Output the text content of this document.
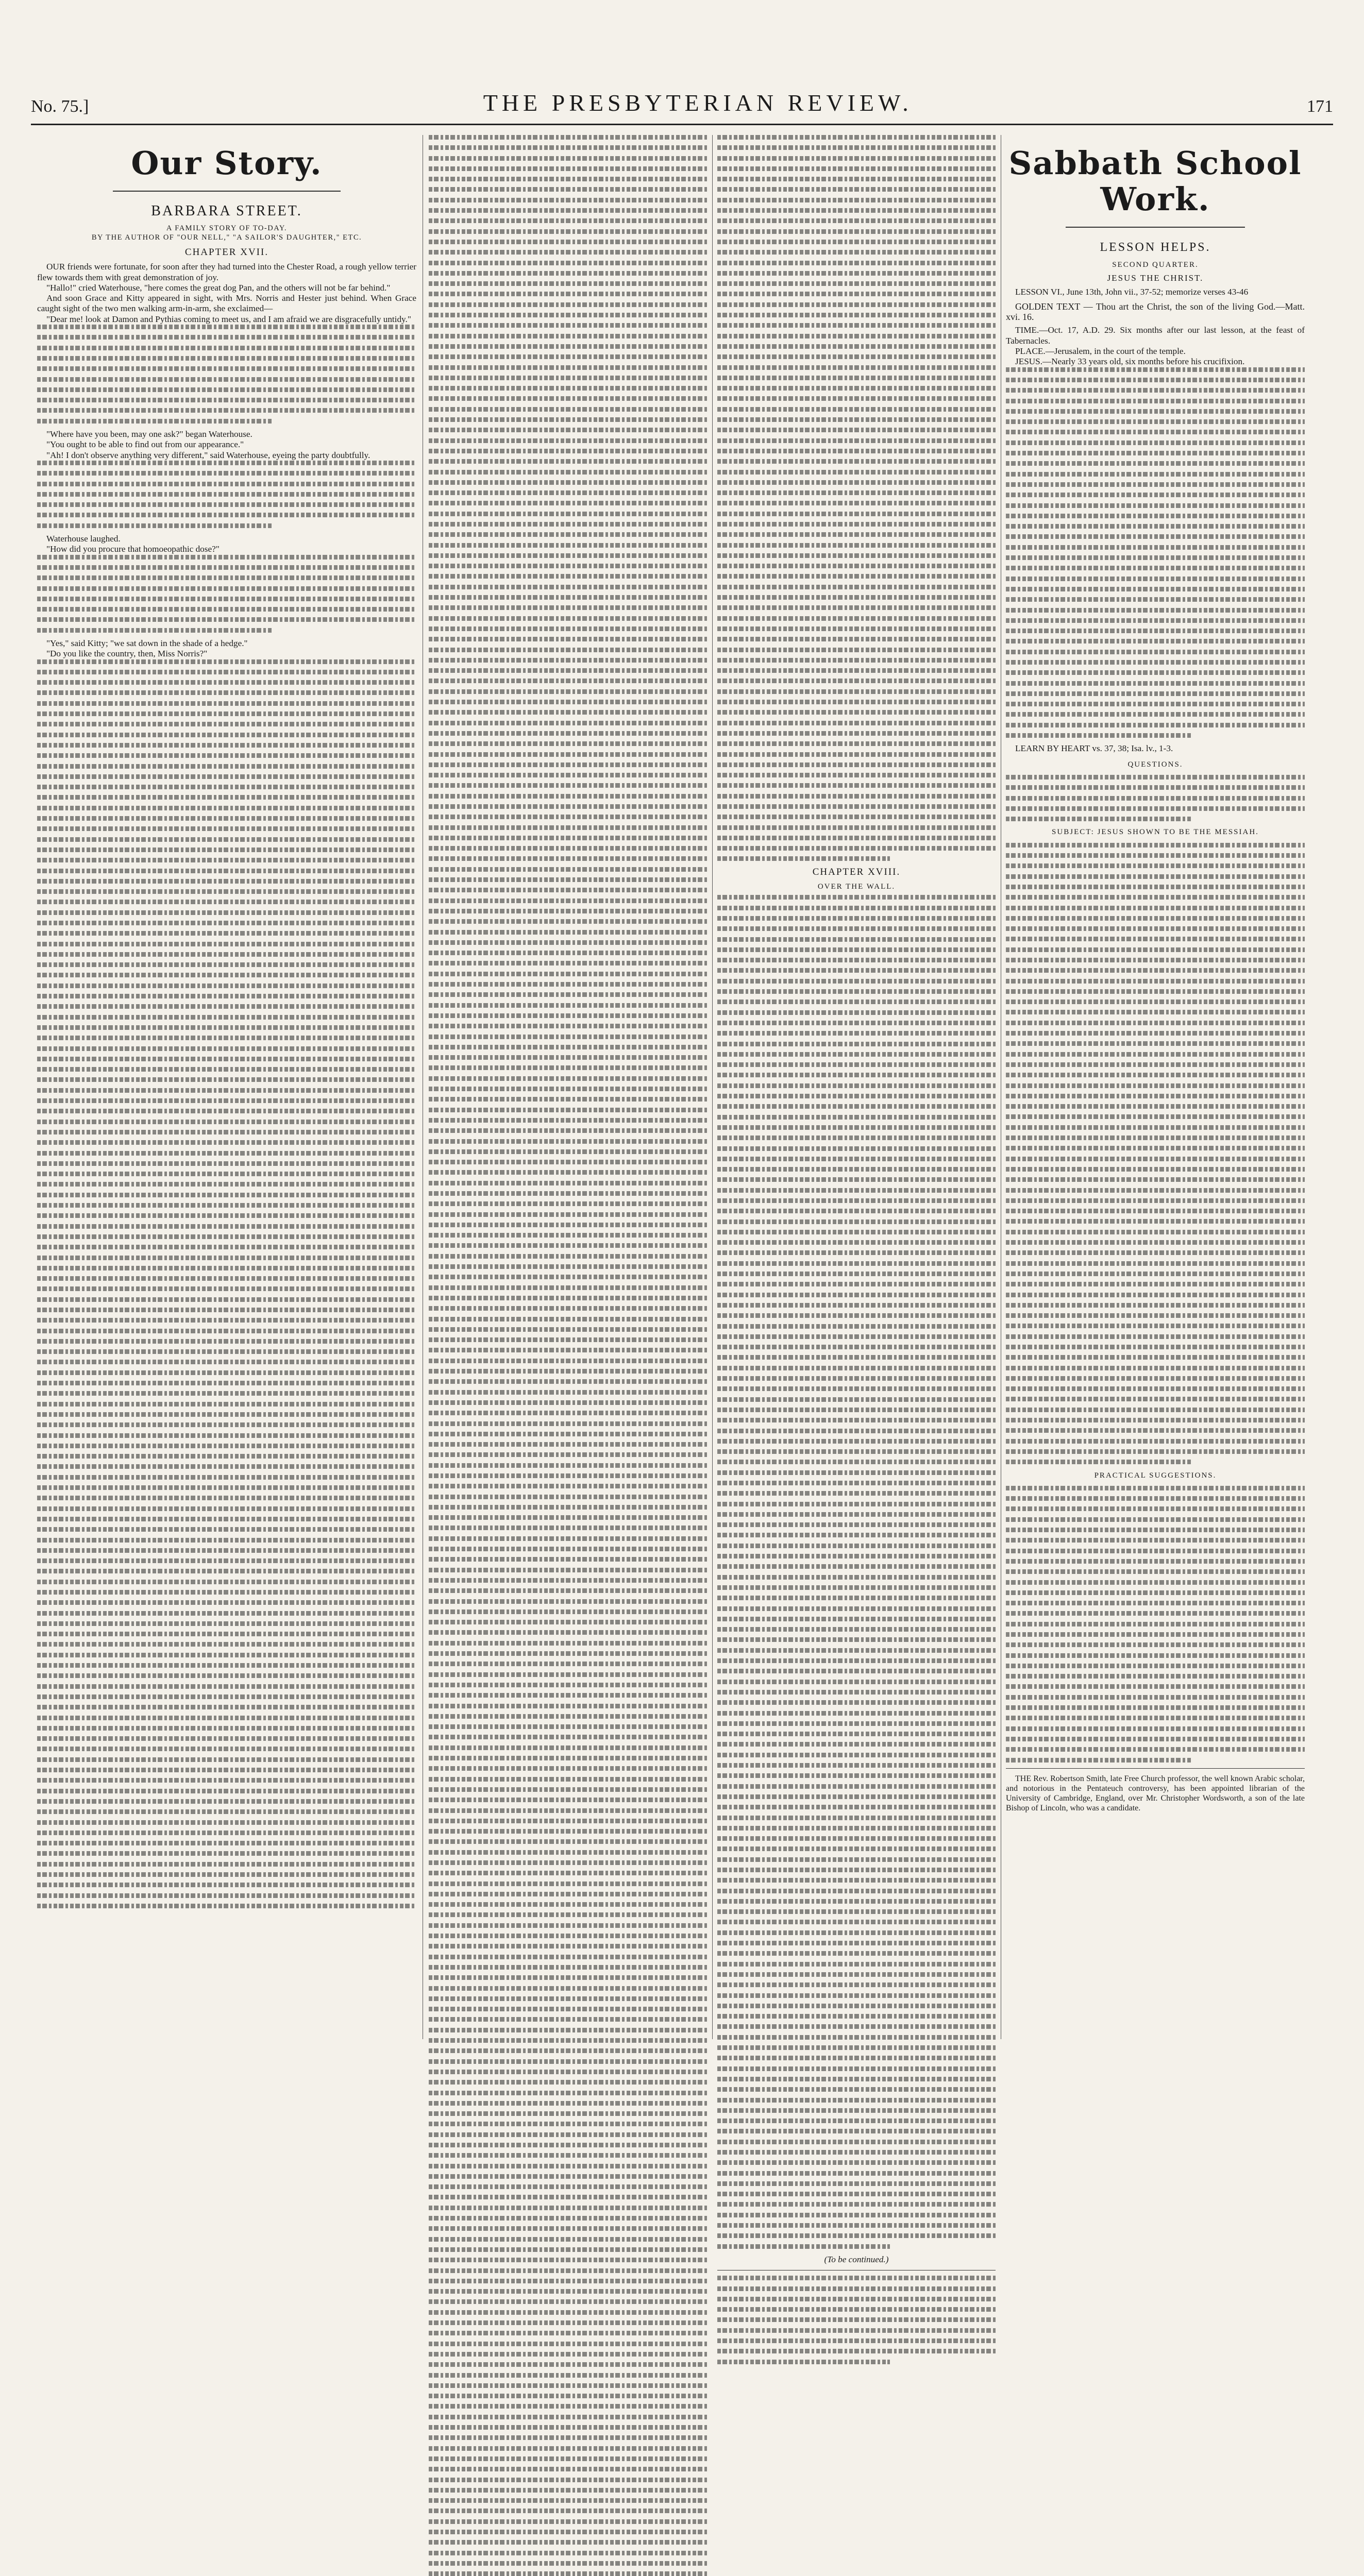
No. 75.]	THE PRESBYTERIAN REVIEW.	171
Our Story.
BARBARA STREET.
A FAMILY STORY OF TO-DAY.
BY THE AUTHOR OF "OUR NELL," "A SAILOR'S DAUGHTER," ETC.
CHAPTER XVII.

OUR friends were fortunate, for soon after they had turned into the Chester Road, a rough yellow terrier flew towards them with great demonstration of joy.

"Hallo!" cried Waterhouse, "here comes the great dog Pan, and the others will not be far behind."

And soon Grace and Kitty appeared in sight, with Mrs. Norris and Hester just behind. When Grace caught sight of the two men walking arm-in-arm, she exclaimed—

"Dear me! look at Damon and Pythias coming to meet us, and I am afraid we are disgracefully untidy."

"Where have you been, may one ask?" began Waterhouse.

"You ought to be able to find out from our appearance."

"Ah! I don't observe anything very different," said Waterhouse, eyeing the party doubtfully.

Waterhouse laughed.

"How did you procure that homoeopathic dose?"

"Yes," said Kitty; "we sat down in the shade of a hedge."

"Do you like the country, then, Miss Norris?"

CHAPTER XVIII.
OVER THE WALL.
(To be continued.)
Sabbath School Work.
LESSON HELPS.
SECOND QUARTER.
JESUS THE CHRIST.

LESSON VI., June 13th, John vii., 37-52; memorize verses 43-46

GOLDEN TEXT — Thou art the Christ, the son of the living God.—Matt. xvi. 16.

TIME.—Oct. 17, A.D. 29. Six months after our last lesson, at the feast of Tabernacles.

PLACE.—Jerusalem, in the court of the temple.

JESUS.—Nearly 33 years old, six months before his crucifixion.

LEARN BY HEART vs. 37, 38; Isa. lv., 1-3.

QUESTIONS.
SUBJECT: JESUS SHOWN TO BE THE MESSIAH.
PRACTICAL SUGGESTIONS.

THE Rev. Robertson Smith, late Free Church professor, the well known Arabic scholar, and notorious in the Pentateuch controversy, has been appointed librarian of the University of Cambridge, England, over Mr. Christopher Wordsworth, a son of the late Bishop of Lincoln, who was a candidate.
